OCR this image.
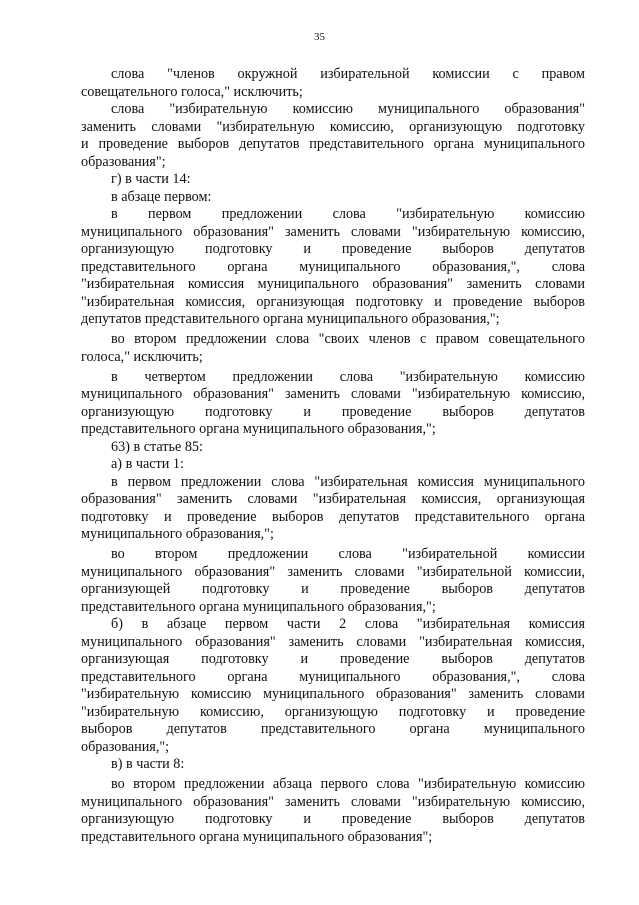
35
слова "членов окружной избирательной комиссии с правом
совещательного голоса," исключить;
слова "избирательную комиссию муниципального образования"
заменить словами "избирательную комиссию, организующую подготовку
и проведение выборов депутатов представительного органа муниципального
образования";
г) в части 14:
в абзаце первом:
в первом предложении слова "избирательную комиссию
муниципального образования" заменить словами "избирательную комиссию,
организующую подготовку и проведение выборов депутатов
представительного органа муниципального образования,", слова
"избирательная комиссия муниципального образования" заменить словами
"избирательная комиссия, организующая подготовку и проведение выборов
депутатов представительного органа муниципального образования,";
во втором предложении слова "своих членов с правом совещательного
голоса," исключить;
в четвертом предложении слова "избирательную комиссию
муниципального образования" заменить словами "избирательную комиссию,
организующую подготовку и проведение выборов депутатов
представительного органа муниципального образования,";
63) в статье 85:
а) в части 1:
в первом предложении слова "избирательная комиссия муниципального
образования" заменить словами "избирательная комиссия, организующая
подготовку и проведение выборов депутатов представительного органа
муниципального образования,";
во втором предложении слова "избирательной комиссии
муниципального образования" заменить словами "избирательной комиссии,
организующей подготовку и проведение выборов депутатов
представительного органа муниципального образования,";
б) в абзаце первом части 2 слова "избирательная комиссия
муниципального образования" заменить словами "избирательная комиссия,
организующая подготовку и проведение выборов депутатов
представительного органа муниципального образования,", слова
"избирательную комиссию муниципального образования" заменить словами
"избирательную комиссию, организующую подготовку и проведение
выборов депутатов представительного органа муниципального
образования,";
в) в части 8:
во втором предложении абзаца первого слова "избирательную комиссию
муниципального образования" заменить словами "избирательную комиссию,
организующую подготовку и проведение выборов депутатов
представительного органа муниципального образования";
